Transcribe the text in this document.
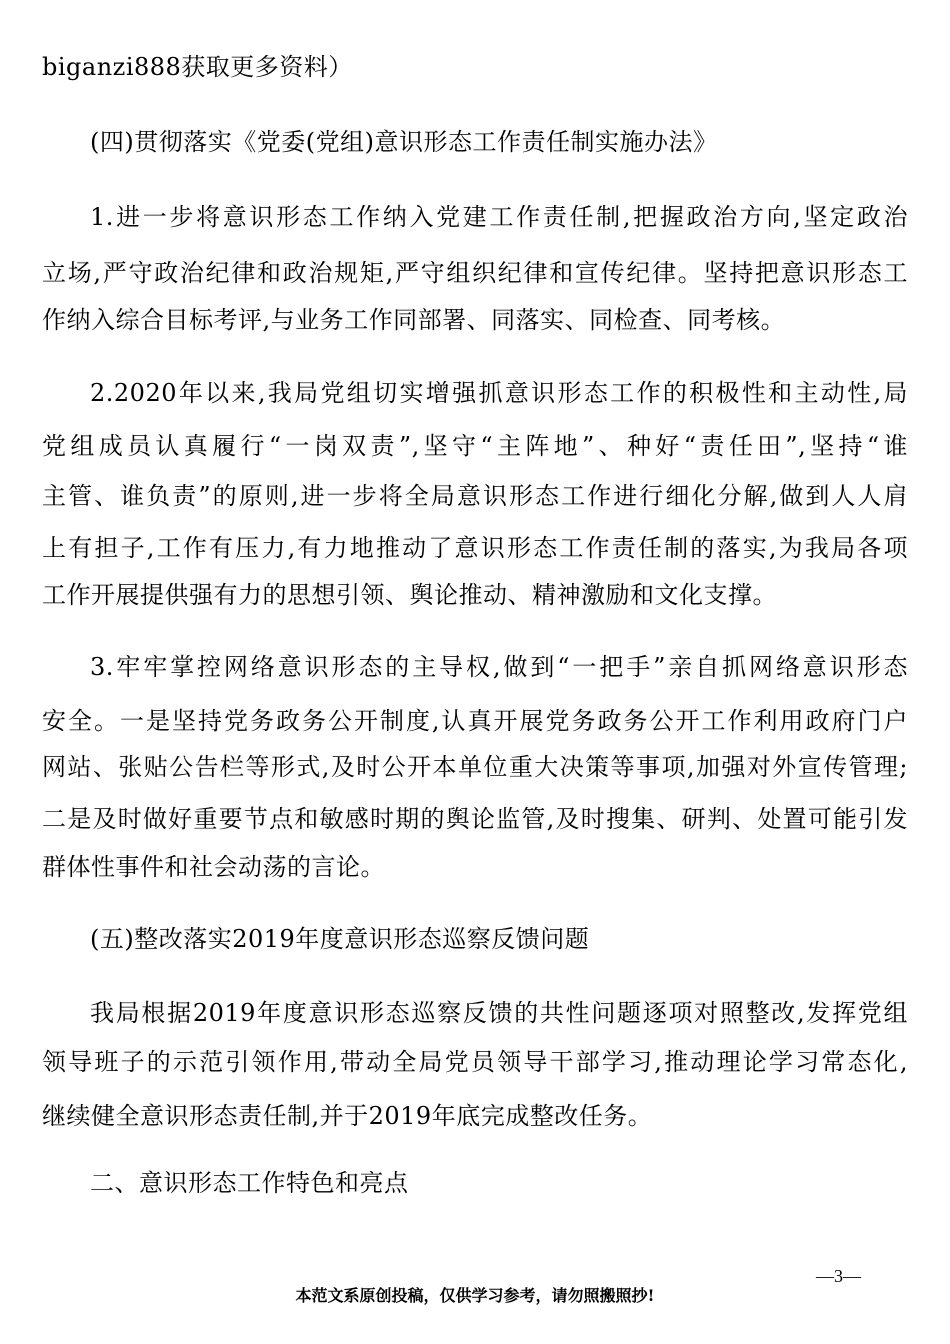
biganzi888获取更多资料）
(四)贯彻落实《党委(党组)意识形态工作责任制实施办法》
1.进一步将意识形态工作纳入党建工作责任制,把握政治方向,坚定政治
立场,严守政治纪律和政治规矩,严守组织纪律和宣传纪律。坚持把意识形态工
作纳入综合目标考评,与业务工作同部署、同落实、同检查、同考核。
2.2020年以来,我局党组切实增强抓意识形态工作的积极性和主动性,局
党组成员认真履行“一岗双责”,坚守“主阵地”、种好“责任田”,坚持“谁
主管、谁负责”的原则,进一步将全局意识形态工作进行细化分解,做到人人肩
上有担子,工作有压力,有力地推动了意识形态工作责任制的落实,为我局各项
工作开展提供强有力的思想引领、舆论推动、精神激励和文化支撑。
3.牢牢掌控网络意识形态的主导权,做到“一把手”亲自抓网络意识形态
安全。一是坚持党务政务公开制度,认真开展党务政务公开工作利用政府门户
网站、张贴公告栏等形式,及时公开本单位重大决策等事项,加强对外宣传管理;
二是及时做好重要节点和敏感时期的舆论监管,及时搜集、研判、处置可能引发
群体性事件和社会动荡的言论。
(五)整改落实2019年度意识形态巡察反馈问题
我局根据2019年度意识形态巡察反馈的共性问题逐项对照整改,发挥党组
领导班子的示范引领作用,带动全局党员领导干部学习,推动理论学习常态化,
继续健全意识形态责任制,并于2019年底完成整改任务。
二、意识形态工作特色和亮点
—3—
本范文系原创投稿，仅供学习参考，请勿照搬照抄!
